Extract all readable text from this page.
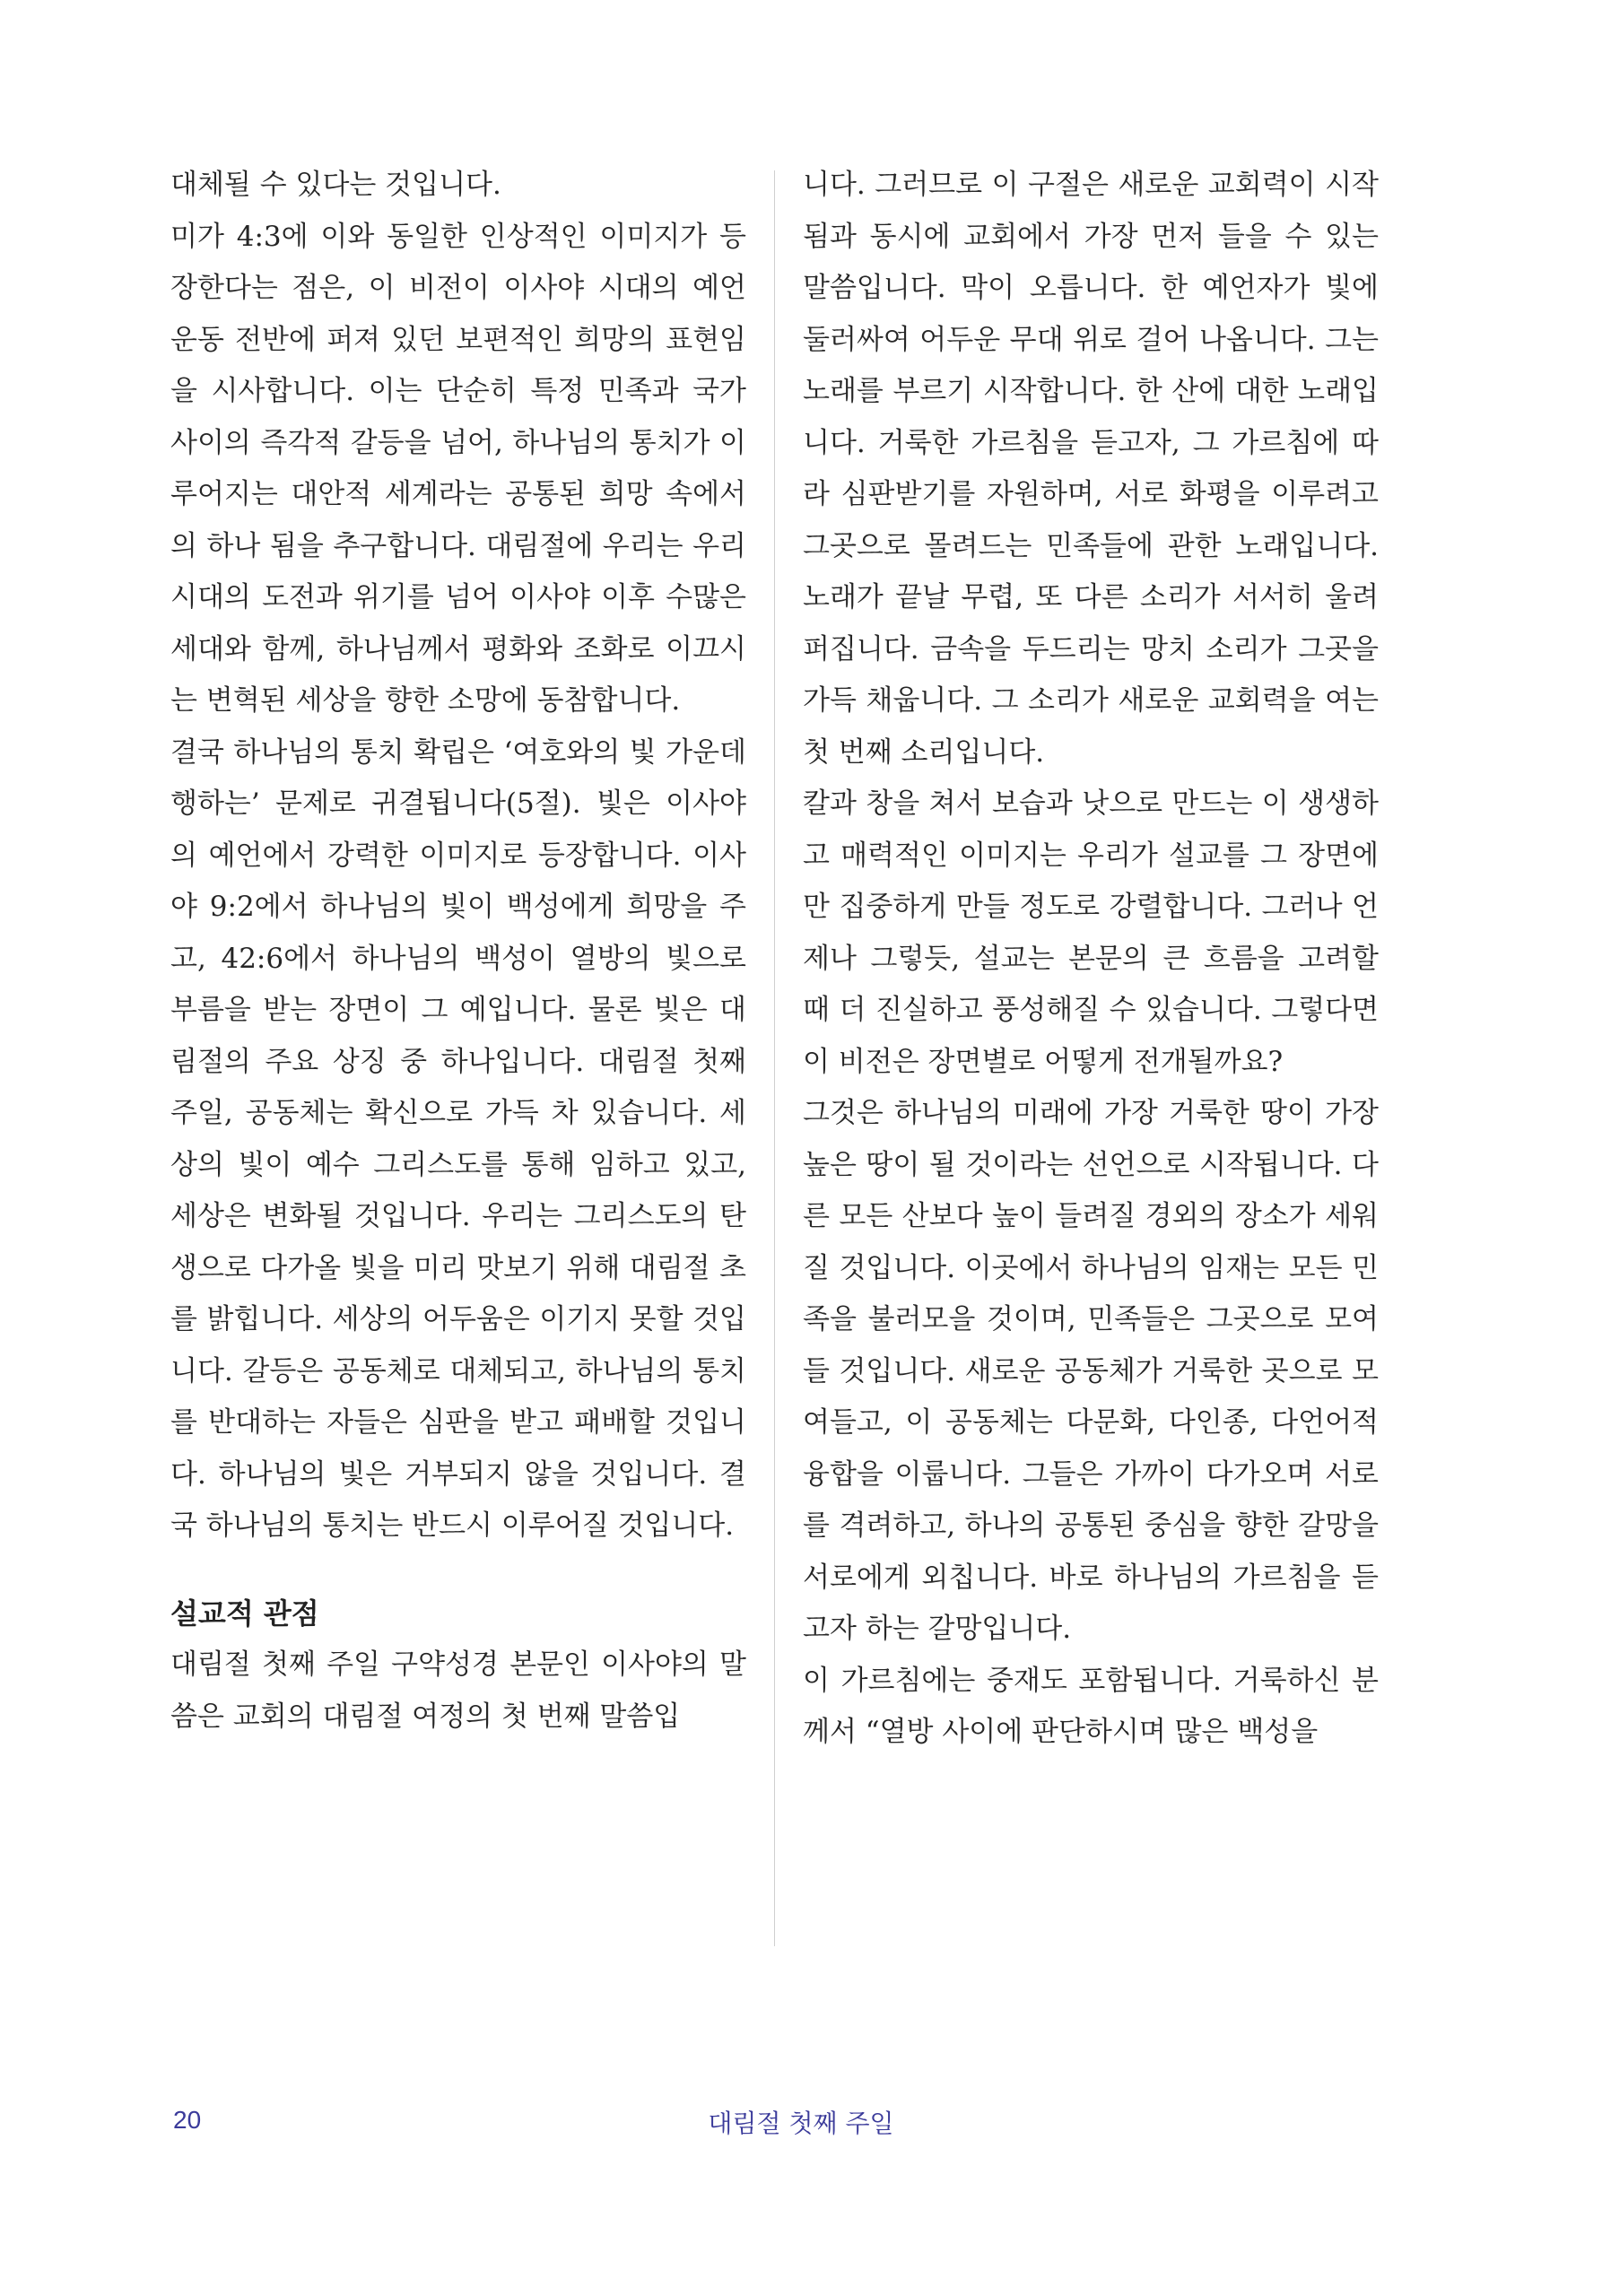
대체될 수 있다는 것입니다.

미가 4:3에 이와 동일한 인상적인 이미지가 등장한다는 점은, 이 비전이 이사야 시대의 예언 운동 전반에 퍼져 있던 보편적인 희망의 표현임을 시사합니다. 이는 단순히 특정 민족과 국가 사이의 즉각적 갈등을 넘어, 하나님의 통치가 이루어지는 대안적 세계라는 공통된 희망 속에서의 하나 됨을 추구합니다. 대림절에 우리는 우리 시대의 도전과 위기를 넘어 이사야 이후 수많은 세대와 함께, 하나님께서 평화와 조화로 이끄시는 변혁된 세상을 향한 소망에 동참합니다.

결국 하나님의 통치 확립은 ‘여호와의 빛 가운데 행하는’ 문제로 귀결됩니다(5절). 빛은 이사야의 예언에서 강력한 이미지로 등장합니다. 이사야 9:2에서 하나님의 빛이 백성에게 희망을 주고, 42:6에서 하나님의 백성이 열방의 빛으로 부름을 받는 장면이 그 예입니다. 물론 빛은 대림절의 주요 상징 중 하나입니다. 대림절 첫째 주일, 공동체는 확신으로 가득 차 있습니다. 세상의 빛이 예수 그리스도를 통해 임하고 있고, 세상은 변화될 것입니다. 우리는 그리스도의 탄생으로 다가올 빛을 미리 맛보기 위해 대림절 초를 밝힙니다. 세상의 어두움은 이기지 못할 것입니다. 갈등은 공동체로 대체되고, 하나님의 통치를 반대하는 자들은 심판을 받고 패배할 것입니다. 하나님의 빛은 거부되지 않을 것입니다. 결국 하나님의 통치는 반드시 이루어질 것입니다.

설교적 관점

대림절 첫째 주일 구약성경 본문인 이사야의 말씀은 교회의 대림절 여정의 첫 번째 말씀입

니다. 그러므로 이 구절은 새로운 교회력이 시작됨과 동시에 교회에서 가장 먼저 들을 수 있는 말씀입니다. 막이 오릅니다. 한 예언자가 빛에 둘러싸여 어두운 무대 위로 걸어 나옵니다. 그는 노래를 부르기 시작합니다. 한 산에 대한 노래입니다. 거룩한 가르침을 듣고자, 그 가르침에 따라 심판받기를 자원하며, 서로 화평을 이루려고 그곳으로 몰려드는 민족들에 관한 노래입니다. 노래가 끝날 무렵, 또 다른 소리가 서서히 울려 퍼집니다. 금속을 두드리는 망치 소리가 그곳을 가득 채웁니다. 그 소리가 새로운 교회력을 여는 첫 번째 소리입니다.

칼과 창을 쳐서 보습과 낫으로 만드는 이 생생하고 매력적인 이미지는 우리가 설교를 그 장면에만 집중하게 만들 정도로 강렬합니다. 그러나 언제나 그렇듯, 설교는 본문의 큰 흐름을 고려할 때 더 진실하고 풍성해질 수 있습니다. 그렇다면 이 비전은 장면별로 어떻게 전개될까요?

그것은 하나님의 미래에 가장 거룩한 땅이 가장 높은 땅이 될 것이라는 선언으로 시작됩니다. 다른 모든 산보다 높이 들려질 경외의 장소가 세워질 것입니다. 이곳에서 하나님의 임재는 모든 민족을 불러모을 것이며, 민족들은 그곳으로 모여들 것입니다. 새로운 공동체가 거룩한 곳으로 모여들고, 이 공동체는 다문화, 다인종, 다언어적 융합을 이룹니다. 그들은 가까이 다가오며 서로를 격려하고, 하나의 공통된 중심을 향한 갈망을 서로에게 외칩니다. 바로 하나님의 가르침을 듣고자 하는 갈망입니다.

이 가르침에는 중재도 포함됩니다. 거룩하신 분께서 “열방 사이에 판단하시며 많은 백성을

20	대림절 첫째 주일
